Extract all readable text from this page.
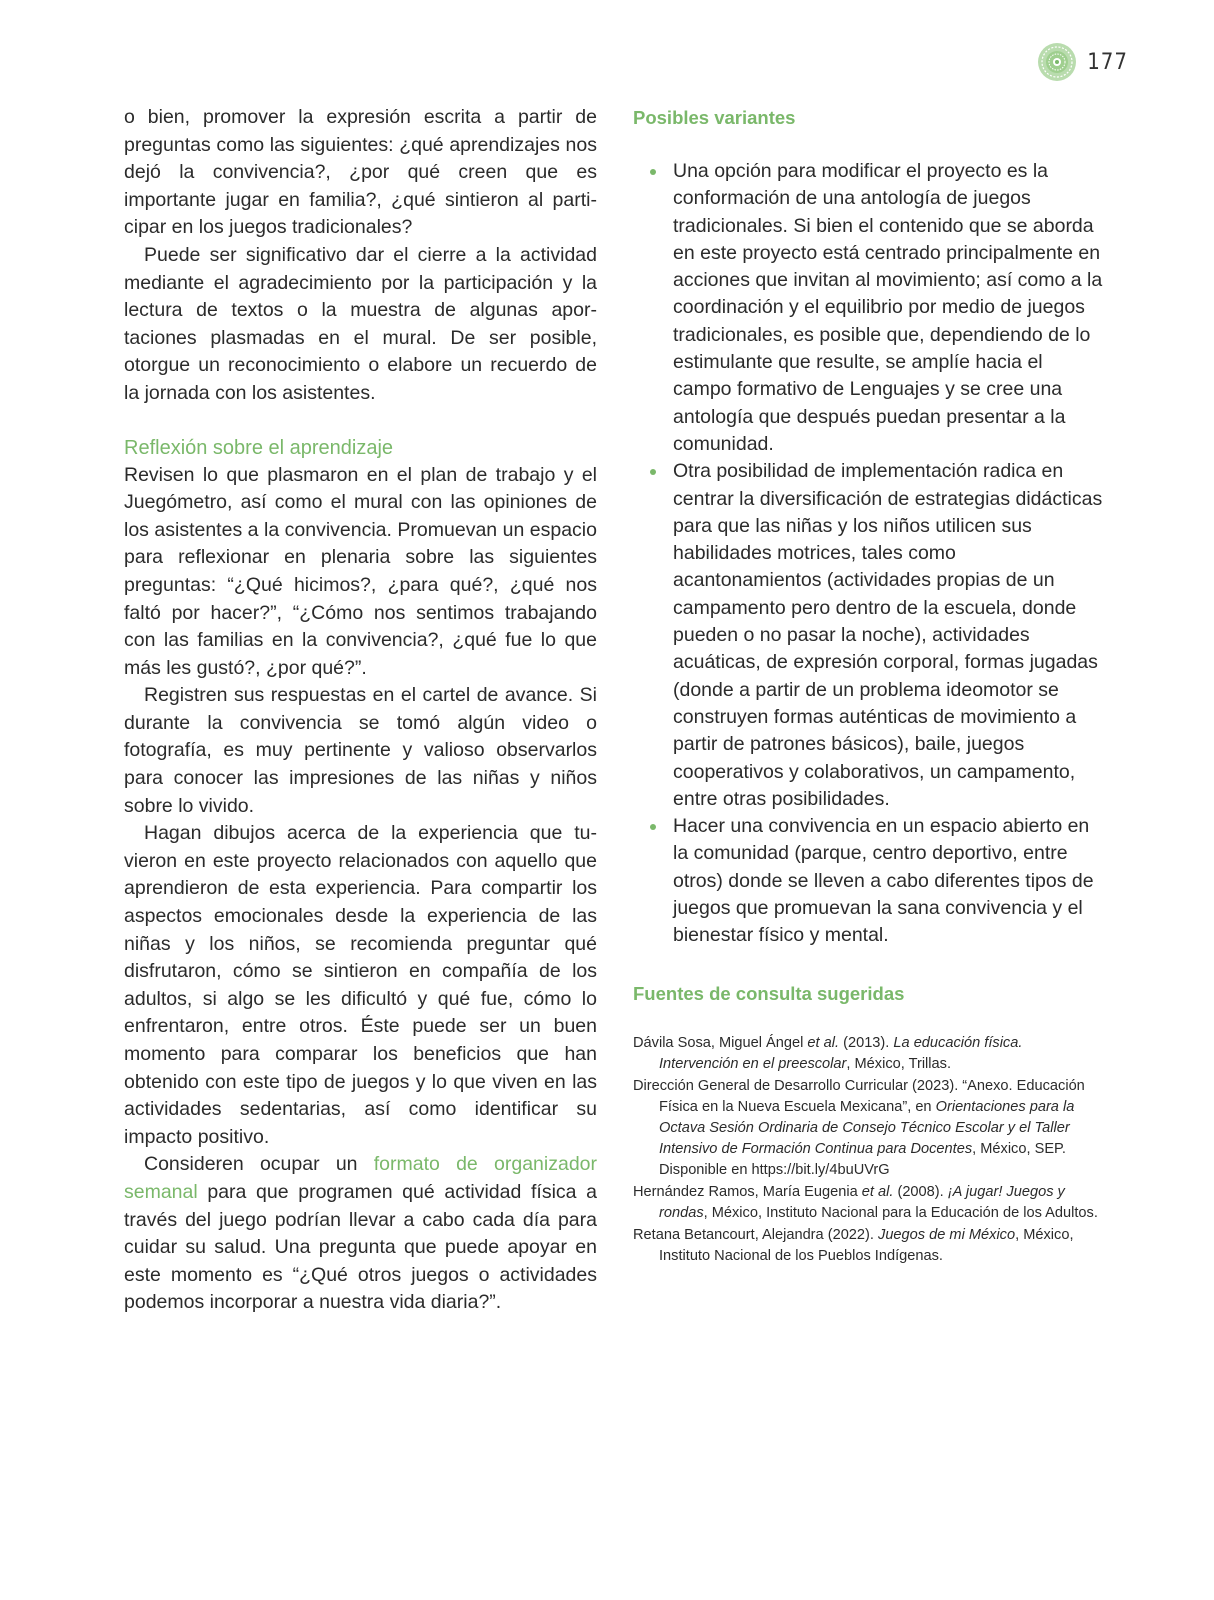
177

o bien, promover la expresión escrita a partir de preguntas como las siguientes: ¿qué aprendizajes nos dejó la convivencia?, ¿por qué creen que es importante jugar en familia?, ¿qué sintieron al participar en los juegos tradicionales?

Puede ser significativo dar el cierre a la actividad mediante el agradecimiento por la participación y la lectura de textos o la muestra de algunas aportaciones plasmadas en el mural. De ser posible, otorgue un reconocimiento o elabore un recuerdo de la jornada con los asistentes.

Reflexión sobre el aprendizaje

Revisen lo que plasmaron en el plan de trabajo y el Juegómetro, así como el mural con las opiniones de los asistentes a la convivencia. Promuevan un espacio para reflexionar en plenaria sobre las siguientes preguntas: “¿Qué hicimos?, ¿para qué?, ¿qué nos faltó por hacer?”, “¿Cómo nos sentimos trabajando con las familias en la convivencia?, ¿qué fue lo que más les gustó?, ¿por qué?”.

Registren sus respuestas en el cartel de avance. Si durante la convivencia se tomó algún video o fotografía, es muy pertinente y valioso observarlos para conocer las impresiones de las niñas y niños sobre lo vivido.

Hagan dibujos acerca de la experiencia que tuvieron en este proyecto relacionados con aquello que aprendieron de esta experiencia. Para compartir los aspectos emocionales desde la experiencia de las niñas y los niños, se recomienda preguntar qué disfrutaron, cómo se sintieron en compañía de los adultos, si algo se les dificultó y qué fue, cómo lo enfrentaron, entre otros. Éste puede ser un buen momento para comparar los beneficios que han obtenido con este tipo de juegos y lo que viven en las actividades sedentarias, así como identificar su impacto positivo.

Consideren ocupar un formato de organizador semanal para que programen qué actividad física a través del juego podrían llevar a cabo cada día para cuidar su salud. Una pregunta que puede apoyar en este momento es “¿Qué otros juegos o actividades podemos incorporar a nuestra vida diaria?”.

Posibles variantes
Una opción para modificar el proyecto es la conformación de una antología de juegos tradicionales. Si bien el contenido que se aborda en este proyecto está centrado principalmente en acciones que invitan al movimiento; así como a la coordinación y el equilibrio por medio de juegos tradicionales, es posible que, dependiendo de lo estimulante que resulte, se amplíe hacia el campo formativo de Lenguajes y se cree una antología que después puedan presentar a la comunidad.
Otra posibilidad de implementación radica en centrar la diversificación de estrategias didácticas para que las niñas y los niños utilicen sus habilidades motrices, tales como acantonamientos (actividades propias de un campamento pero dentro de la escuela, donde pueden o no pasar la noche), actividades acuáticas, de expresión corporal, formas jugadas (donde a partir de un problema ideomotor se construyen formas auténticas de movimiento a partir de patrones básicos), baile, juegos cooperativos y colaborativos, un campamento, entre otras posibilidades.
Hacer una convivencia en un espacio abierto en la comunidad (parque, centro deportivo, entre otros) donde se lleven a cabo diferentes tipos de juegos que promuevan la sana convivencia y el bienestar físico y mental.
Fuentes de consulta sugeridas

Dávila Sosa, Miguel Ángel et al. (2013). La educación física. Intervención en el preescolar, México, Trillas.

Dirección General de Desarrollo Curricular (2023). “Anexo. Educación Física en la Nueva Escuela Mexicana”, en Orientaciones para la Octava Sesión Ordinaria de Consejo Técnico Escolar y el Taller Intensivo de Formación Continua para Docentes, México, SEP. Disponible en https://bit.ly/4buUVrG

Hernández Ramos, María Eugenia et al. (2008). ¡A jugar! Juegos y rondas, México, Instituto Nacional para la Educación de los Adultos.

Retana Betancourt, Alejandra (2022). Juegos de mi México, México, Instituto Nacional de los Pueblos Indígenas.
